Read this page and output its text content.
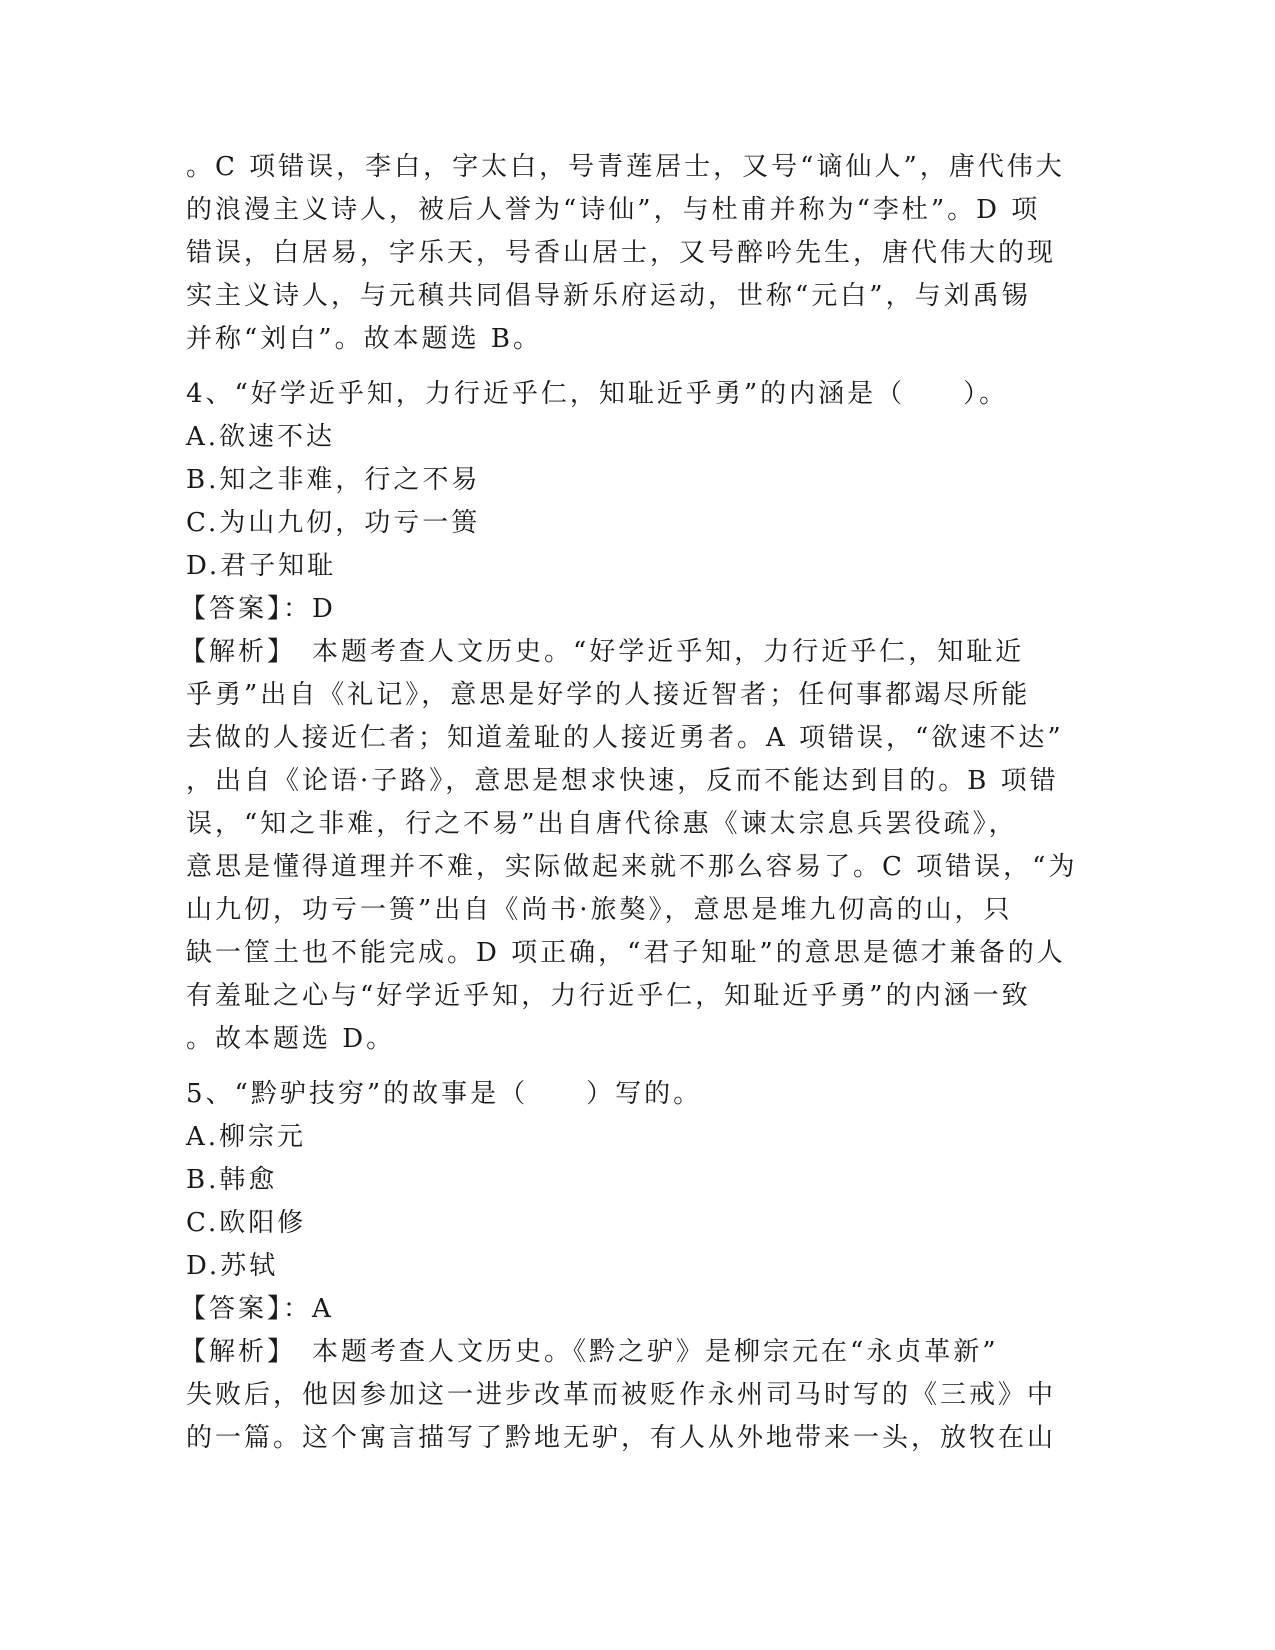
。C 项错误，李白，字太白，号青莲居士，又号“谪仙人”，唐代伟大
的浪漫主义诗人，被后人誉为“诗仙”，与杜甫并称为“李杜”。D 项
错误，白居易，字乐天，号香山居士，又号醉吟先生，唐代伟大的现
实主义诗人，与元稹共同倡导新乐府运动，世称“元白”，与刘禹锡
并称“刘白”。故本题选 B。

4、“好学近乎知，力行近乎仁，知耻近乎勇”的内涵是（　　）。
A.欲速不达
B.知之非难，行之不易
C.为山九仞，功亏一篑
D.君子知耻
【答案】：D

【解析】　本题考查人文历史。“好学近乎知，力行近乎仁，知耻近
乎勇”出自《礼记》，意思是好学的人接近智者；任何事都竭尽所能
去做的人接近仁者；知道羞耻的人接近勇者。A 项错误，“欲速不达”
，出自《论语·子路》，意思是想求快速，反而不能达到目的。B 项错
误，“知之非难，行之不易”出自唐代徐惠《谏太宗息兵罢役疏》，
意思是懂得道理并不难，实际做起来就不那么容易了。C 项错误，“为
山九仞，功亏一篑”出自《尚书·旅獒》，意思是堆九仞高的山，只
缺一筐土也不能完成。D 项正确，“君子知耻”的意思是德才兼备的人
有羞耻之心与“好学近乎知，力行近乎仁，知耻近乎勇”的内涵一致
。故本题选 D。

5、“黔驴技穷”的故事是（　　）写的。
A.柳宗元
B.韩愈
C.欧阳修
D.苏轼
【答案】：A

【解析】　本题考查人文历史。《黔之驴》是柳宗元在“永贞革新”
失败后，他因参加这一进步改革而被贬作永州司马时写的《三戒》中
的一篇。这个寓言描写了黔地无驴，有人从外地带来一头，放牧在山
